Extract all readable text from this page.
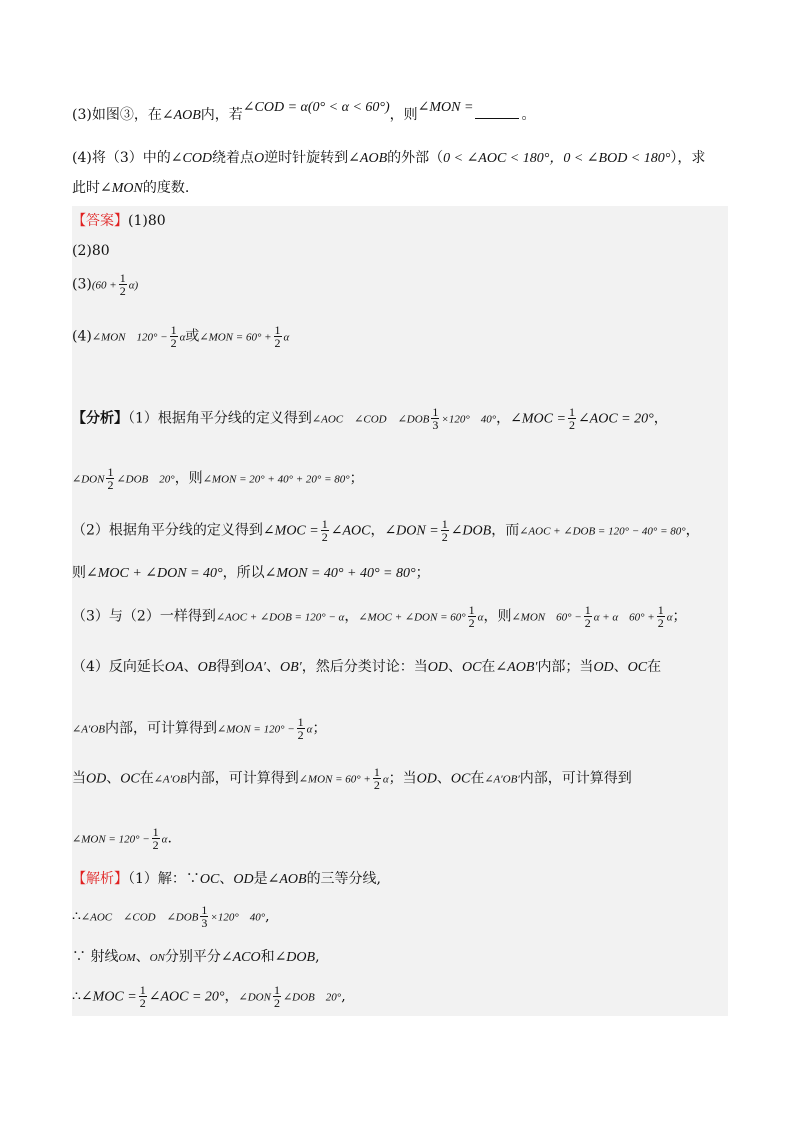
(3)如图③，在∠AOB内，若∠COD = α(0° < α < 60°)，则∠MON =	。
(4)将（3）中的∠COD绕着点O逆时针旋转到∠AOB的外部（0 < ∠AOC < 180°，0 < ∠BOD < 180°），求
此时∠MON的度数.
【答案】(1)80
(2)80
$(3)(60 + \frac{1}{2} \alpha)$
(4)∠MON　$120^\circ - \frac{1}{2}$ α或∠MON = $60^\circ + \frac{1}{2}$ α
【分析】（1）根据角平分线的定义得到∠AOC　∠COD　∠DOB $\frac{1}{3} \times 120^\circ$　40°，∠MOC = $\frac{1}{2}$ ∠AOC = 20°，
∠DON $\frac{1}{2}$ ∠DOB　20°，则∠MON = 20° + 40° + 20° = 80°；
（2）根据角平分线的定义得到∠MOC = $\frac{1}{2}$ ∠AOC，∠DON = $\frac{1}{2}$ ∠DOB，而∠AOC + ∠DOB = 120° − 40° = 80°，
则∠MOC + ∠DON = 40°，所以∠MON = 40° + 40° = 80°；
（3）与（2）一样得到∠AOC + ∠DOB = 120° − α，∠MOC + ∠DON = $60^\circ \frac{1}{2}$ α，则∠MON　$60^\circ - \frac{1}{2}$ α + α　$60^\circ + \frac{1}{2}$ α；
（4）反向延长OA、OB得到OA′、OB′，然后分类讨论：当OD、OC在∠AOB′内部；当OD、OC在
∠A′OB内部，可计算得到∠MON = $120^\circ - \frac{1}{2}$ α；
当OD、OC在∠A′OB内部，可计算得到∠MON = $60^\circ + \frac{1}{2}$ α；当OD、OC在∠A′OB′内部，可计算得到
∠MON = $120^\circ - \frac{1}{2} \alpha$.
【解析】（1）解：∵OC、OD是∠AOB的三等分线,
∴∠AOC　∠COD　∠DOB $\frac{1}{3} \times 120^\circ$　40°,
∵ 射线OM、ON分别平分∠ACO和∠DOB,
∴∠MOC = $\frac{1}{2}$ ∠AOC = 20°，∠DON $\frac{1}{2}$ ∠DOB　20°,
